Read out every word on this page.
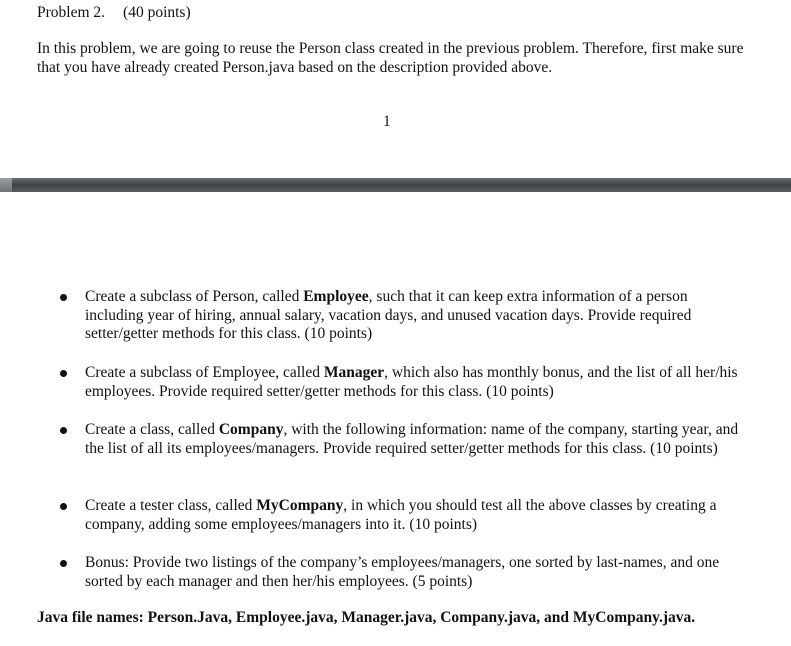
Problem 2. (40 points)
In this problem, we are going to reuse the Person class created in the previous problem. Therefore, first make sure that you have already created Person.java based on the description provided above.
1
Create a subclass of Person, called Employee, such that it can keep extra information of a person including year of hiring, annual salary, vacation days, and unused vacation days. Provide required setter/getter methods for this class. (10 points)
Create a subclass of Employee, called Manager, which also has monthly bonus, and the list of all her/his employees. Provide required setter/getter methods for this class. (10 points)
Create a class, called Company, with the following information: name of the company, starting year, and the list of all its employees/managers. Provide required setter/getter methods for this class. (10 points)
Create a tester class, called MyCompany, in which you should test all the above classes by creating a company, adding some employees/managers into it. (10 points)
Bonus: Provide two listings of the company’s employees/managers, one sorted by last-names, and one sorted by each manager and then her/his employees. (5 points)
Java file names: Person.Java, Employee.java, Manager.java, Company.java, and MyCompany.java.
